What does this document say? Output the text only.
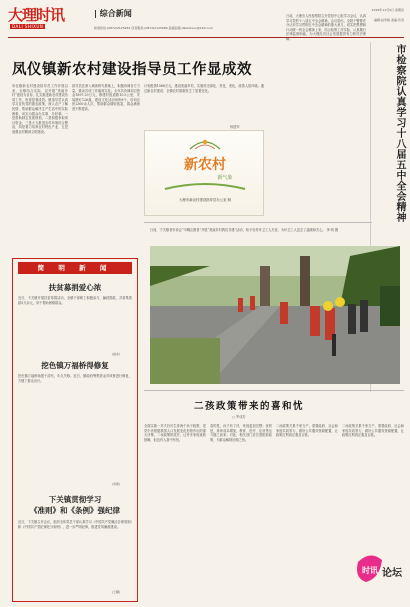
大理时讯
DALI SHIXUN
| 综合新闻
新闻热线:(0872)2125262 读者服务:(0872)2125680 投稿信箱:dalishixun@163.com
2015年11月5日 星期四
编辑:赵雪峰 美编:范涛
凤仪镇新农村建设指导员工作显成效
凤仪镇新农村建设指导员工作开展以来，全镇结合实际，以开展“美丽乡村”建设为目标，扎实推进新农村建设各项工作，取得显著成效。镇指导员认真学习宣传党的惠农政策，深入农户了解民情，帮助群众解决生产生活中的实际困难，切实为群众办实事、办好事。一是帮助制定发展规划，二是积极争取项目资金，三是大力推进农村环境综合整治，四是着力培育农村特色产业，五是加强农村精神文明建设。
指导员在深入调查研究基础上，积极协调各方力量，推动各项工作落到实处。全年共协调项目资金1897.29万元，修建村组道路10.5公里，安装路灯126盏，建设文化活动场所8个，培训农民2300余人次，帮助群众增收致富，群众满意度不断提高。
计划投资1568万元，建设美丽乡村，实施村庄绿化、亮化、美化，改善人居环境。通过新农村建设，全镇农村面貌发生了显著变化。
杨建军
新农村
新气象
大理市新农村建设指导员办公室 制
日前，下关镇老年协会“巾帼志愿者”开展“美丽乡村我们共建”活动，给予各村环卫工人关爱，为环卫工人送去了温暖和关心。 李 明 摄
市检察院认真学习十八届五中全会精神
日前，大理市人民检察院召开党组中心组学习会议，认真学习党的十八届五中全会精神。会议指出，全院干警要充分认识学习贯彻五中全会精神的重大意义，切实把思想和行动统一到全会精神上来，结合检察工作实际，认真履行法律监督职能，为大理经济社会发展提供有力的司法保障。
简 明 新 闻
扶贫募捐爱心浓
近日，下关镇开展扶贫募捐活动，全镇干部职工积极参与，踊跃捐款，共募集善款3万余元，用于帮助困难群众。
(赵东)
挖色镇万福桥得修复
挖色镇万福桥始建于清代，年久失修。近日，镇政府筹集资金对该桥进行修复，方便了群众出行。
(李新)
下关镇贯彻学习
《准则》和《条例》强纪律
近日，下关镇召开会议，组织全体党员干部认真学习《中国共产党廉洁自律准则》和《中国共产党纪律处分条例》，进一步严明纪律，推进党风廉政建设。
(王鹏)
二孩政策带来的喜和忧
□ 罗成芳
全面实施一对夫妇可生育两个孩子政策，是党中央根据我国人口发展变化形势作出的重大决策。二孩政策的放开，让许多家庭欢欣鼓舞，但也有人喜中有忧。
喜的是，孩子有了伴，家庭更加完整；忧的是，养育成本增加，教育、医疗、住房等压力随之而来。对此，相关部门应完善配套政策，为群众解除后顾之忧。
二孩政策关系千家万户，需要政府、社会和家庭共同努力，做好公共服务资源配置，让政策红利真正惠及百姓。
二孩政策关系千家万户，需要政府、社会和家庭共同努力，做好公共服务资源配置，让政策红利真正惠及百姓。
时讯 论坛
